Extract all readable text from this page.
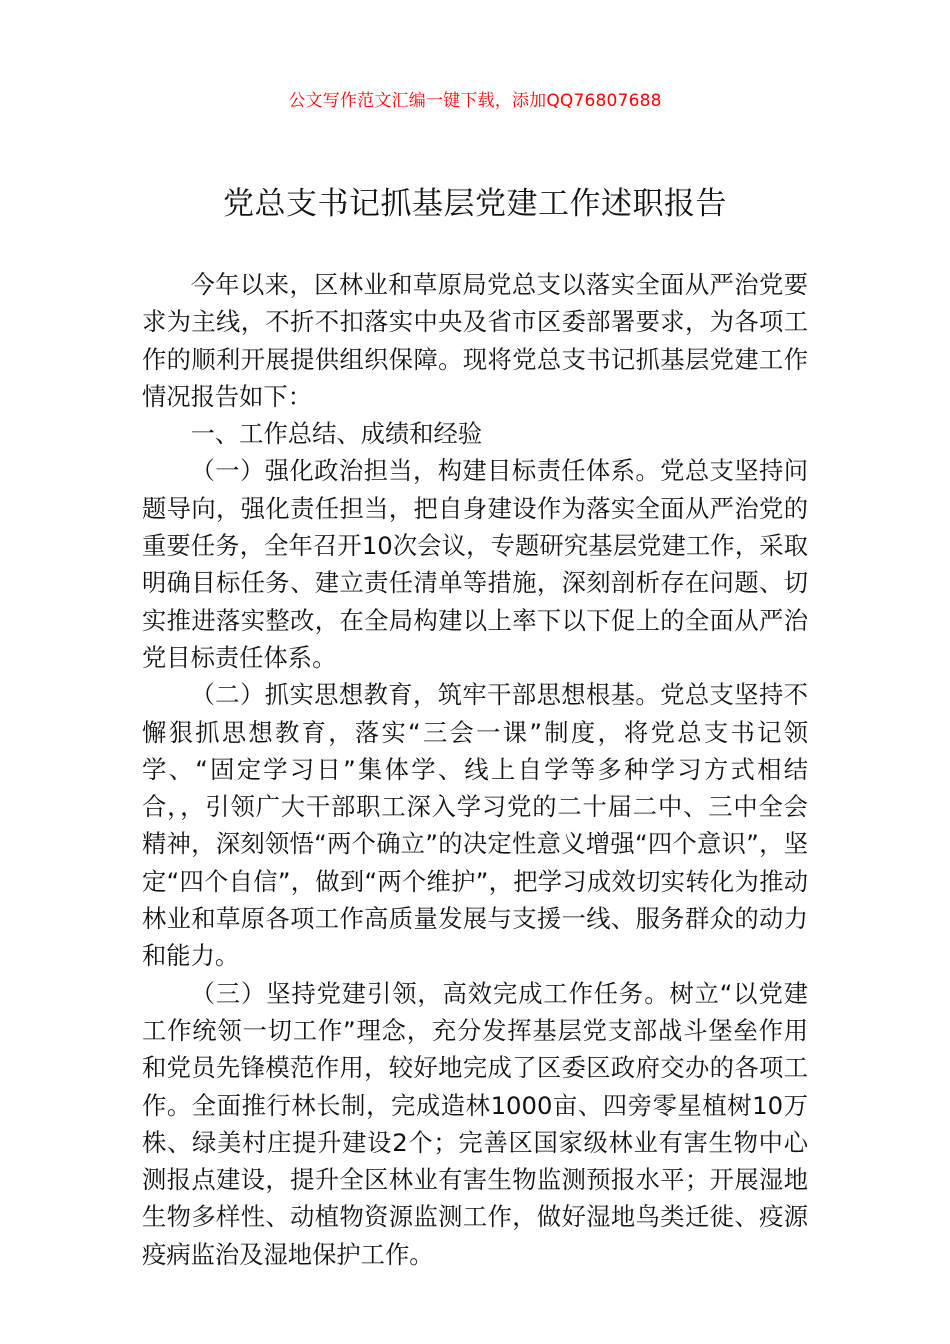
公文写作范文汇编一键下载，添加QQ76807688
党总支书记抓基层党建工作述职报告

今年以来，区林业和草原局党总支以落实全面从严治党要求为主线，不折不扣落实中央及省市区委部署要求，为各项工作的顺利开展提供组织保障。现将党总支书记抓基层党建工作情况报告如下：

一、工作总结、成绩和经验

（一）强化政治担当，构建目标责任体系。党总支坚持问题导向，强化责任担当，把自身建设作为落实全面从严治党的重要任务，全年召开10次会议，专题研究基层党建工作，采取明确目标任务、建立责任清单等措施，深刻剖析存在问题、切实推进落实整改，在全局构建以上率下以下促上的全面从严治党目标责任体系。

（二）抓实思想教育，筑牢干部思想根基。党总支坚持不懈狠抓思想教育，落实“三会一课”制度，将党总支书记领学、“固定学习日”集体学、线上自学等多种学习方式相结合，，引领广大干部职工深入学习党的二十届二中、三中全会精神，深刻领悟“两个确立”的决定性意义增强“四个意识”，坚定“四个自信”，做到“两个维护”，把学习成效切实转化为推动林业和草原各项工作高质量发展与支援一线、服务群众的动力和能力。

（三）坚持党建引领，高效完成工作任务。树立“以党建工作统领一切工作”理念，充分发挥基层党支部战斗堡垒作用和党员先锋模范作用，较好地完成了区委区政府交办的各项工作。全面推行林长制，完成造林1000亩、四旁零星植树10万株、绿美村庄提升建设2个；完善区国家级林业有害生物中心测报点建设，提升全区林业有害生物监测预报水平；开展湿地生物多样性、动植物资源监测工作，做好湿地鸟类迁徙、疫源疫病监治及湿地保护工作。
